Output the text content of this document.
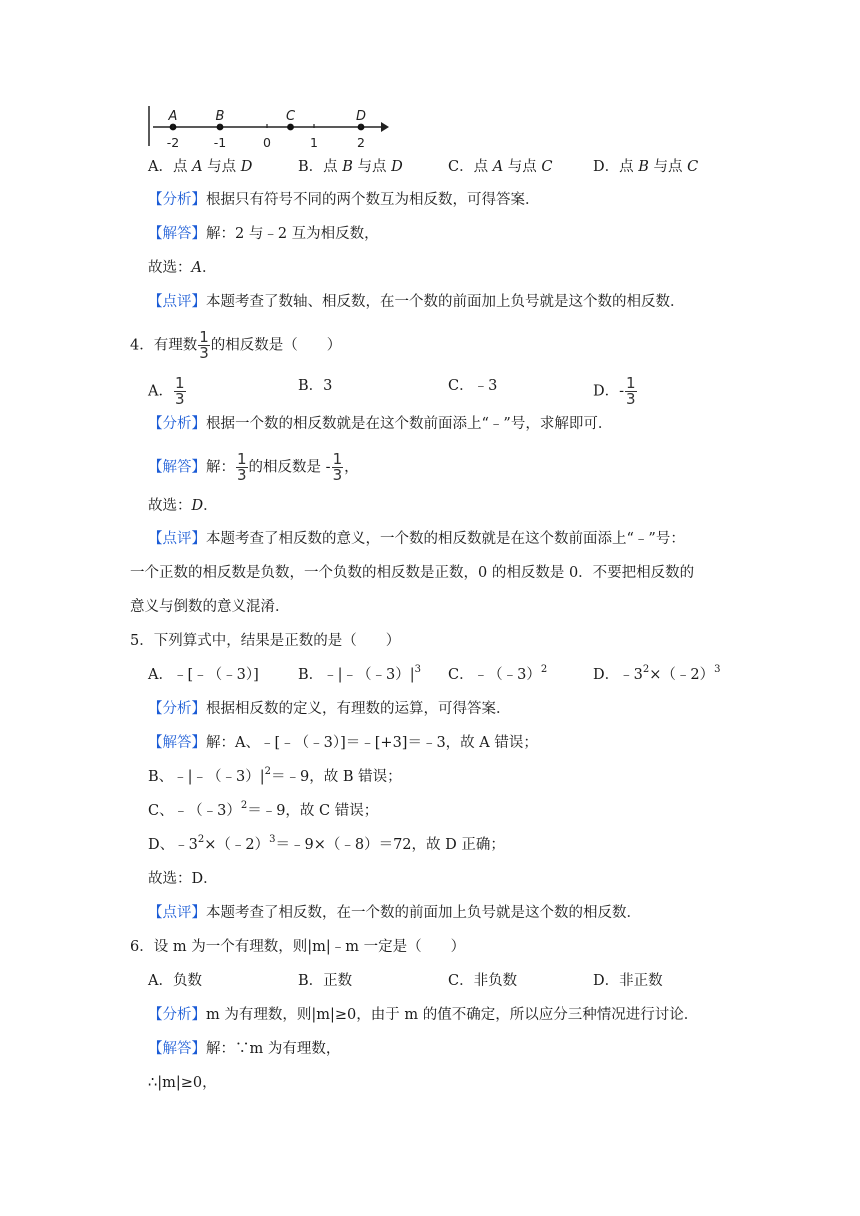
A	B	C	D
-2	-1	0	1	2
A．点 A 与点 D	B．点 B 与点 D	C．点 A 与点 C	D．点 B 与点 C
【分析】根据只有符号不同的两个数互为相反数，可得答案．
【解答】解：2 与﹣2 互为相反数，
故选：A．
【点评】本题考查了数轴、相反数，在一个数的前面加上负号就是这个数的相反数．
4．有理数 $\frac{1}{3}$ 的相反数是（　　）
A． $\frac{1}{3}$	B．3	C．﹣3	D．- $\frac{1}{3}$
【分析】根据一个数的相反数就是在这个数前面添上“﹣”号，求解即可．
【解答】解： $\frac{1}{3}$ 的相反数是 - $\frac{1}{3}$ ，
故选：D．
【点评】本题考查了相反数的意义，一个数的相反数就是在这个数前面添上“﹣”号：
一个正数的相反数是负数，一个负数的相反数是正数，0 的相反数是 0．不要把相反数的
意义与倒数的意义混淆．
5．下列算式中，结果是正数的是（　　）
A．﹣[﹣（﹣3）]	B．$﹣|﹣(﹣3)|^3$ C．﹣（﹣3）$^2$	D．$﹣3^2\times(﹣2)^3$
【分析】根据相反数的定义，有理数的运算，可得答案．
【解答】解：A、﹣[﹣（﹣3）]＝﹣[+3]＝﹣3，故 A 错误；
B、$﹣|﹣(﹣3)|^2=﹣9$，故 B 错误；
C、﹣（﹣3）$^2$＝﹣9，故 C 错误；
D、$﹣3^2\times(﹣2)^3=﹣9\times(﹣8)=72$，故 D 正确；
故选：D．
【点评】本题考查了相反数，在一个数的前面加上负号就是这个数的相反数．
6．设 m 为一个有理数，则|m|﹣m 一定是（　　）
A．负数	B．正数	C．非负数	D．非正数
【分析】m 为有理数，则|m|≥0，由于 m 的值不确定，所以应分三种情况进行讨论．
【解答】解：∵m 为有理数，
∴|m|≥0，
